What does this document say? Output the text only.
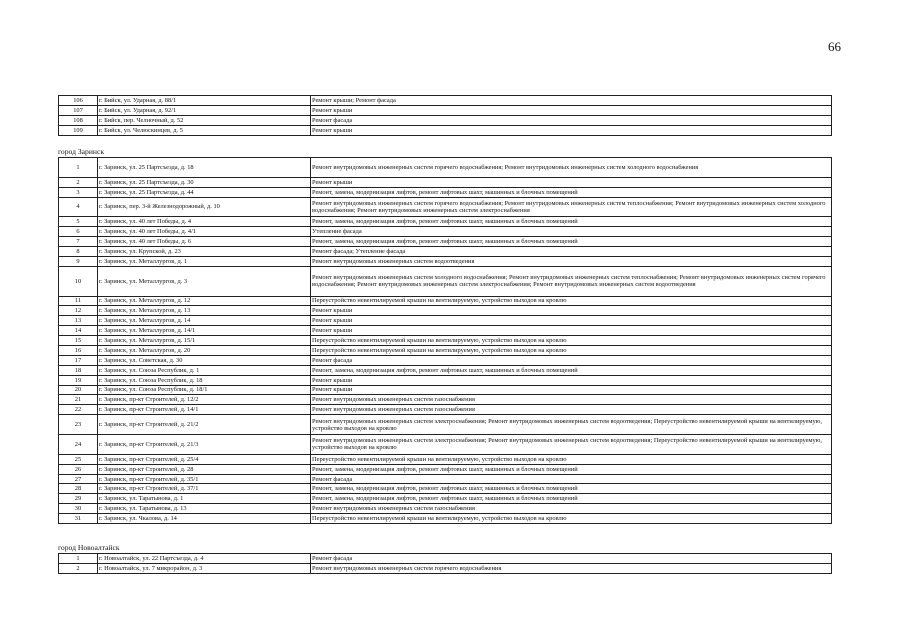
66
106	г. Бийск, ул. Ударная, д. 88/1	Ремонт крыши; Ремонт фасада
107	г. Бийск, ул. Ударная, д. 92/1	Ремонт крыши
108	г. Бийск, пер. Челночный, д. 52	Ремонт фасада
109	г. Бийск, ул. Челюскинцев, д. 5	Ремонт крыши
город Заринск
1	г. Заринск, ул. 25 Партсъезда, д. 18	Ремонт внутридомовых инженерных систем горячего водоснабжения; Ремонт внутридомовых инженерных систем холодного водоснабжения
2	г. Заринск, ул. 25 Партсъезда, д. 30	Ремонт крыши
3	г. Заринск, ул. 25 Партсъезда, д. 44	Ремонт, замена, модернизация лифтов, ремонт лифтовых шахт, машинных и блочных помещений
4	г. Заринск, пер. 3-й Железнодорожный, д. 10	Ремонт внутридомовых инженерных систем горячего водоснабжения; Ремонт внутридомовых инженерных систем теплоснабжения; Ремонт внутридомовых инженерных систем холодного водоснабжения; Ремонт внутридомовых инженерных систем электроснабжения
5	г. Заринск, ул. 40 лет Победы, д. 4	Ремонт, замена, модернизация лифтов, ремонт лифтовых шахт, машинных и блочных помещений
6	г. Заринск, ул. 40 лет Победы, д. 4/1	Утепление фасада
7	г. Заринск, ул. 40 лет Победы, д. 6	Ремонт, замена, модернизация лифтов, ремонт лифтовых шахт, машинных и блочных помещений
8	г. Заринск, ул. Крупской, д. 23	Ремонт фасада; Утепление фасада
9	г. Заринск, ул. Металлургов, д. 1	Ремонт внутридомовых инженерных систем водоотведения
10	г. Заринск, ул. Металлургов, д. 3	Ремонт внутридомовых инженерных систем холодного водоснабжения; Ремонт внутридомовых инженерных систем теплоснабжения; Ремонт внутридомовых инженерных систем горячего водоснабжения; Ремонт внутридомовых инженерных систем электроснабжения; Ремонт внутридомовых инженерных систем водоотведения
11	г. Заринск, ул. Металлургов, д. 12	Переустройство невентилируемой крыши на вентилируемую, устройство выходов на кровлю
12	г. Заринск, ул. Металлургов, д. 13	Ремонт крыши
13	г. Заринск, ул. Металлургов, д. 14	Ремонт крыши
14	г. Заринск, ул. Металлургов, д. 14/1	Ремонт крыши
15	г. Заринск, ул. Металлургов, д. 15/1	Переустройство невентилируемой крыши на вентилируемую, устройство выходов на кровлю
16	г. Заринск, ул. Металлургов, д. 20	Переустройство невентилируемой крыши на вентилируемую, устройство выходов на кровлю
17	г. Заринск, ул. Советская, д. 30	Ремонт фасада
18	г. Заринск, ул. Союза Республик, д. 1	Ремонт, замена, модернизация лифтов, ремонт лифтовых шахт, машинных и блочных помещений
19	г. Заринск, ул. Союза Республик, д. 18	Ремонт крыши
20	г. Заринск, ул. Союза Республик, д. 18/1	Ремонт крыши
21	г. Заринск, пр-кт Строителей, д. 12/2	Ремонт внутридомовых инженерных систем газоснабжения
22	г. Заринск, пр-кт Строителей, д. 14/1	Ремонт внутридомовых инженерных систем газоснабжения
23	г. Заринск, пр-кт Строителей, д. 21/2	Ремонт внутридомовых инженерных систем электроснабжения; Ремонт внутридомовых инженерных систем водоотведения; Переустройство невентилируемой крыши на вентилируемую, устройство выходов на кровлю
24	г. Заринск, пр-кт Строителей, д. 21/3	Ремонт внутридомовых инженерных систем электроснабжения; Ремонт внутридомовых инженерных систем водоотведения; Переустройство невентилируемой крыши на вентилируемую, устройство выходов на кровлю
25	г. Заринск, пр-кт Строителей, д. 25/4	Переустройство невентилируемой крыши на вентилируемую, устройство выходов на кровлю
26	г. Заринск, пр-кт Строителей, д. 28	Ремонт, замена, модернизация лифтов, ремонт лифтовых шахт, машинных и блочных помещений
27	г. Заринск, пр-кт Строителей, д. 35/1	Ремонт фасада
28	г. Заринск, пр-кт Строителей, д. 37/1	Ремонт, замена, модернизация лифтов, ремонт лифтовых шахт, машинных и блочных помещений
29	г. Заринск, ул. Таратынова, д. 1	Ремонт, замена, модернизация лифтов, ремонт лифтовых шахт, машинных и блочных помещений
30	г. Заринск, ул. Таратынова, д. 13	Ремонт внутридомовых инженерных систем газоснабжения
31	г. Заринск, ул. Чкалова, д. 14	Переустройство невентилируемой крыши на вентилируемую, устройство выходов на кровлю
город Новоалтайск
1	г. Новоалтайск, ул. 22 Партсъезда, д. 4	Ремонт фасада
2	г. Новоалтайск, ул. 7 микрорайон, д. 3	Ремонт внутридомовых инженерных систем горячего водоснабжения
